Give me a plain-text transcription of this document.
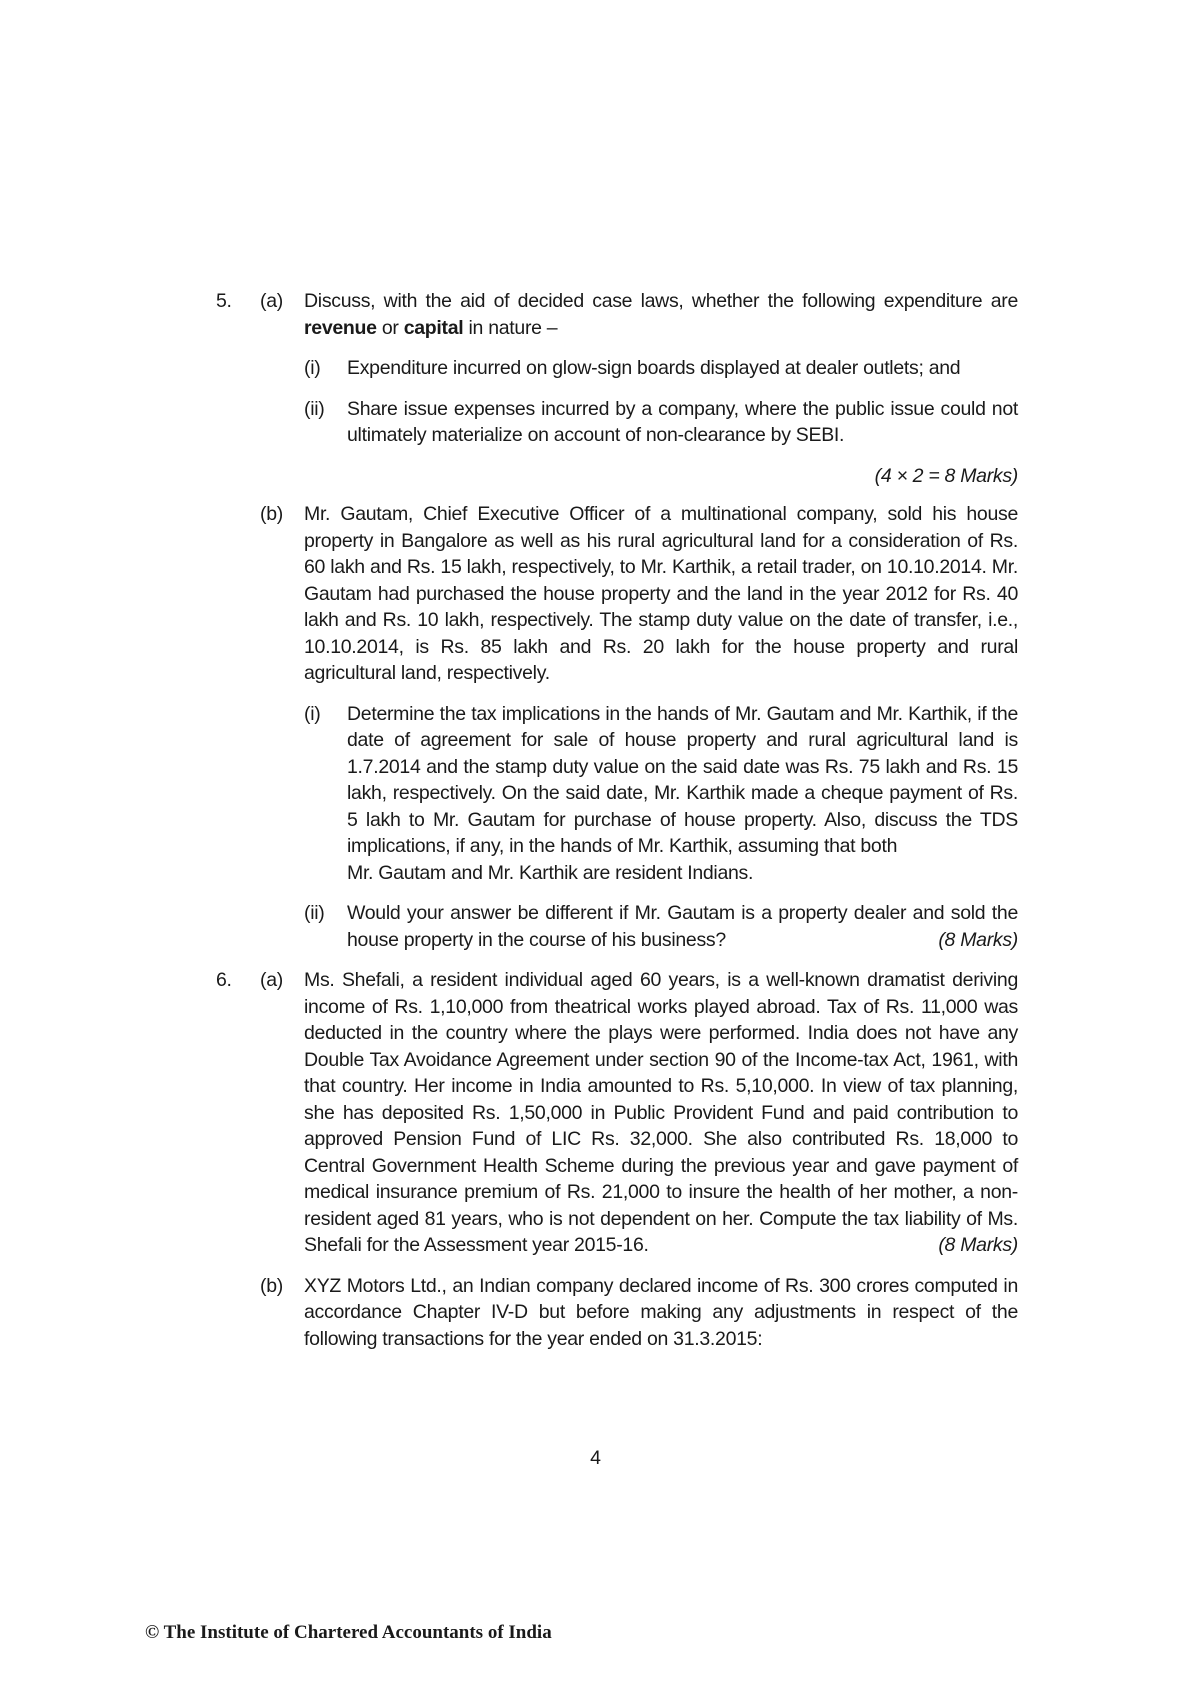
5.	(a)	Discuss, with the aid of decided case laws, whether the following expenditure are revenue or capital in nature –

(i)	Expenditure incurred on glow-sign boards displayed at dealer outlets; and

(ii)	Share issue expenses incurred by a company, where the public issue could not ultimately materialize on account of non-clearance by SEBI.

(4 × 2 = 8 Marks)

(b)	Mr. Gautam, Chief Executive Officer of a multinational company, sold his house property in Bangalore as well as his rural agricultural land for a consideration of Rs. 60 lakh and Rs. 15 lakh, respectively, to Mr. Karthik, a retail trader, on 10.10.2014. Mr. Gautam had purchased the house property and the land in the year 2012 for Rs. 40 lakh and Rs. 10 lakh, respectively. The stamp duty value on the date of transfer, i.e., 10.10.2014, is Rs. 85 lakh and Rs. 20 lakh for the house property and rural agricultural land, respectively.

(i)	Determine the tax implications in the hands of Mr. Gautam and Mr. Karthik, if the date of agreement for sale of house property and rural agricultural land is 1.7.2014 and the stamp duty value on the said date was Rs. 75 lakh and Rs. 15 lakh, respectively. On the said date, Mr. Karthik made a cheque payment of Rs. 5 lakh to Mr. Gautam for purchase of house property. Also, discuss the TDS implications, if any, in the hands of Mr. Karthik, assuming that both

Mr. Gautam and Mr. Karthik are resident Indians.

(ii)	Would your answer be different if Mr. Gautam is a property dealer and sold the house property in the course of his business?	(8 Marks)

6.	(a)	Ms. Shefali, a resident individual aged 60 years, is a well-known dramatist deriving income of Rs. 1,10,000 from theatrical works played abroad. Tax of Rs. 11,000 was deducted in the country where the plays were performed. India does not have any Double Tax Avoidance Agreement under section 90 of the Income-tax Act, 1961, with that country. Her income in India amounted to Rs. 5,10,000. In view of tax planning, she has deposited Rs. 1,50,000 in Public Provident Fund and paid contribution to approved Pension Fund of LIC Rs. 32,000. She also contributed Rs. 18,000 to Central Government Health Scheme during the previous year and gave payment of medical insurance premium of Rs. 21,000 to insure the health of her mother, a non-resident aged 81 years, who is not dependent on her. Compute the tax liability of Ms. Shefali for the Assessment year 2015-16.	(8 Marks)

(b)	XYZ Motors Ltd., an Indian company declared income of Rs. 300 crores computed in accordance Chapter IV-D but before making any adjustments in respect of the following transactions for the year ended on 31.3.2015:

4
© The Institute of Chartered Accountants of India
